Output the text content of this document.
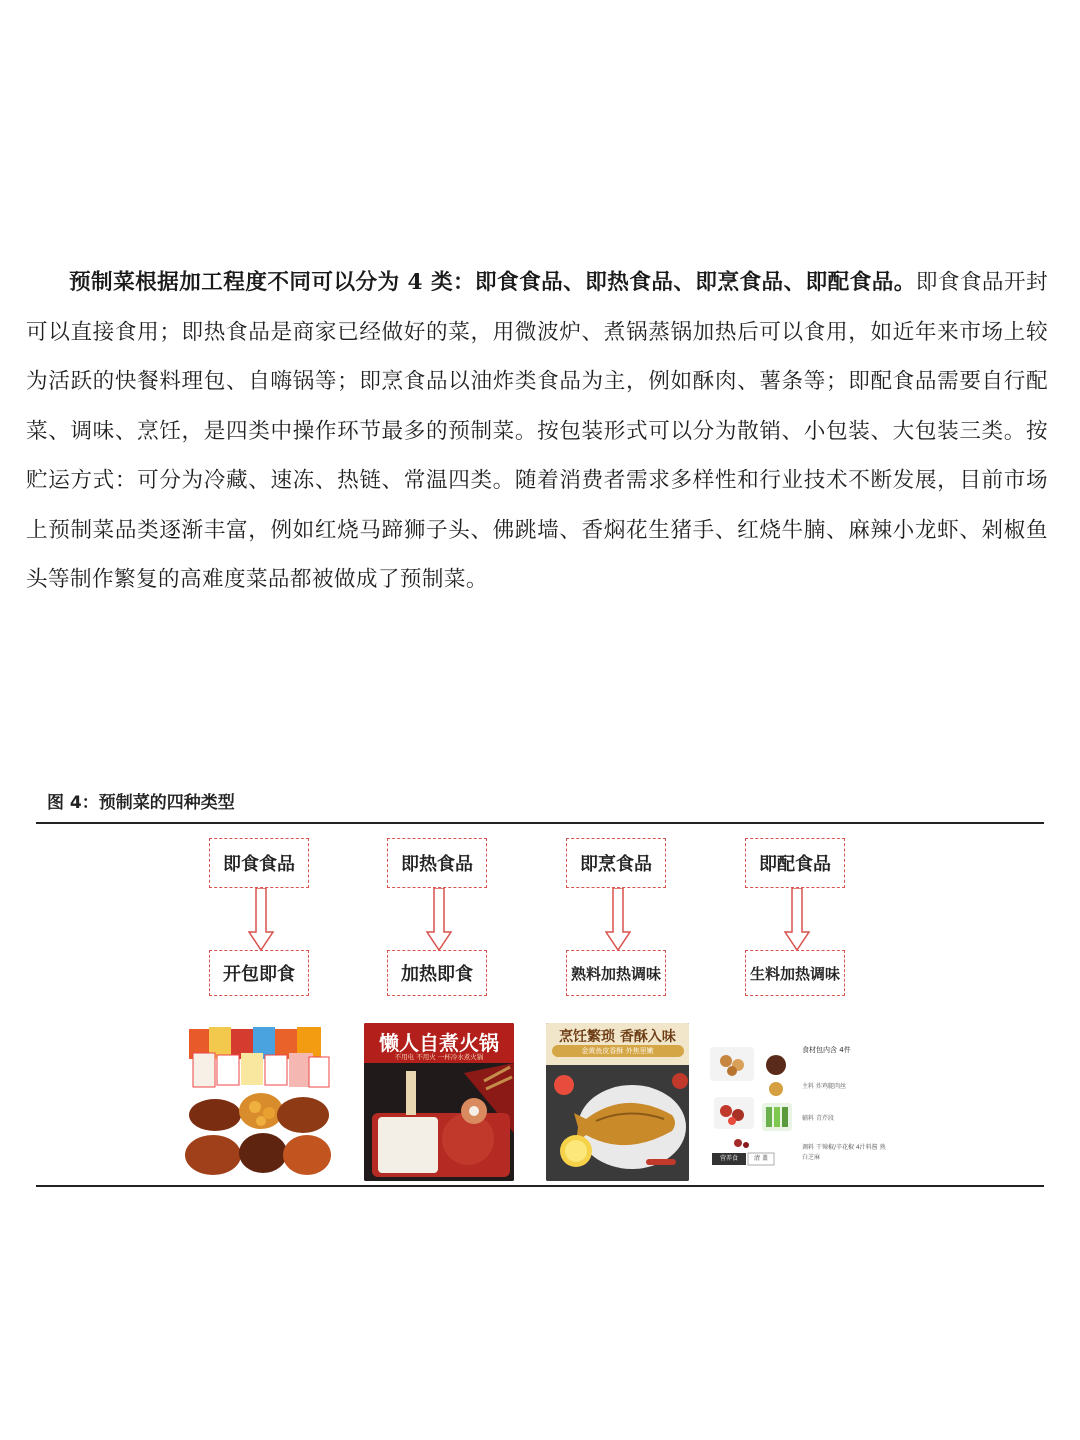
预制菜根据加工程度不同可以分为 4 类：即食食品、即热食品、即烹食品、即配食品。即食食品开封可以直接食用；即热食品是商家已经做好的菜，用微波炉、煮锅蒸锅加热后可以食用，如近年来市场上较为活跃的快餐料理包、自嗨锅等；即烹食品以油炸类食品为主，例如酥肉、薯条等；即配食品需要自行配菜、调味、烹饪，是四类中操作环节最多的预制菜。按包装形式可以分为散销、小包装、大包装三类。按贮运方式：可分为冷藏、速冻、热链、常温四类。随着消费者需求多样性和行业技术不断发展，目前市场上预制菜品类逐渐丰富，例如红烧马蹄狮子头、佛跳墙、香焖花生猪手、红烧牛腩、麻辣小龙虾、剁椒鱼头等制作繁复的高难度菜品都被做成了预制菜。
图 4：预制菜的四种类型
即食食品
开包即食
即热食品
加热即食
即烹食品
熟料加热调味
即配食品
生料加热调味
懒人自煮火锅
不用电 不用火 一杯冷水煮火锅
烹饪繁琐 香酥入味
金黄鱼皮香酥 外焦里嫩	食材包内含 4件
主料 炸鸡腿肉丝
辅料 青芹段
调料 干辣椒/辛花椒 4汁料酱 熟白芝麻
营养食	清 盖
